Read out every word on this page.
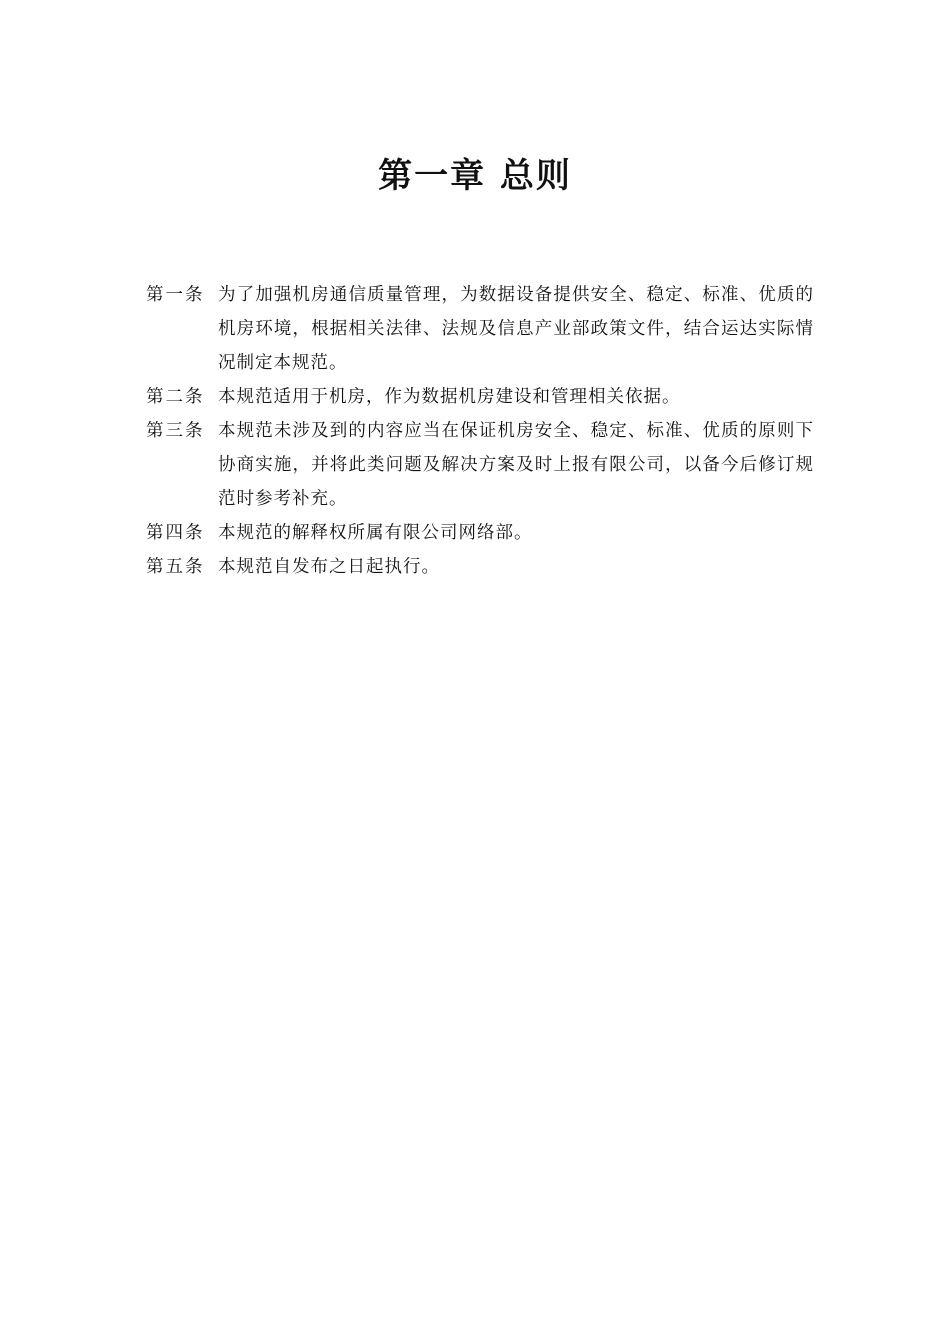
第一章 总则
第一条 为了加强机房通信质量管理，为数据设备提供安全、稳定、标准、优质的机房环境，根据相关法律、法规及信息产业部政策文件，结合运达实际情况制定本规范。
第二条 本规范适用于机房，作为数据机房建设和管理相关依据。
第三条 本规范未涉及到的内容应当在保证机房安全、稳定、标准、优质的原则下协商实施，并将此类问题及解决方案及时上报有限公司，以备今后修订规范时参考补充。
第四条 本规范的解释权所属有限公司网络部。
第五条 本规范自发布之日起执行。
